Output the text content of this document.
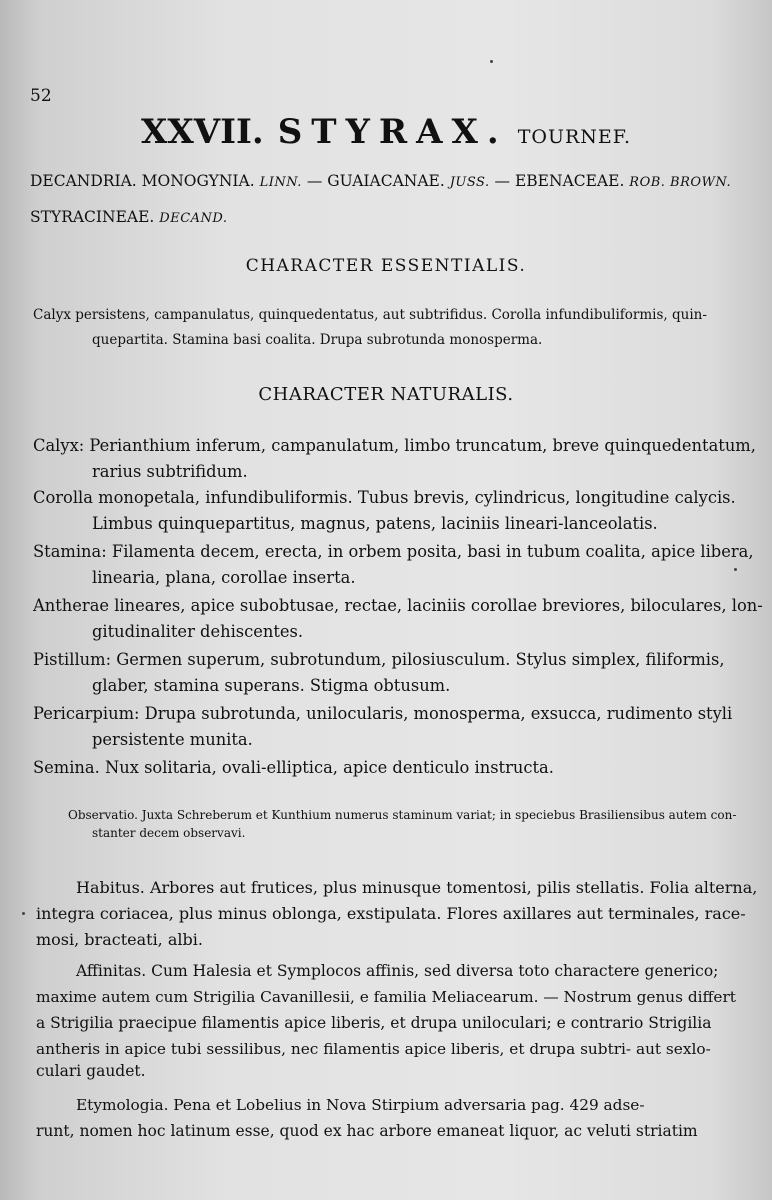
52
XXVII. STYRAX. TOURNEF.
DECANDRIA. MONOGYNIA. LINN. — GUAIACANAE. JUSS. — EBENACEAE. ROB. BROWN.
STYRACINEAE. DECAND.
CHARACTER ESSENTIALIS.
Calyx persistens, campanulatus, quinquedentatus, aut subtrifidus. Corolla infundibuliformis, quin-
quepartita. Stamina basi coalita. Drupa subrotunda monosperma.
CHARACTER NATURALIS.
Calyx: Perianthium inferum, campanulatum, limbo truncatum, breve quinquedentatum,
rarius subtrifidum.
Corolla monopetala, infundibuliformis. Tubus brevis, cylindricus, longitudine calycis.
Limbus quinquepartitus, magnus, patens, laciniis lineari-lanceolatis.
Stamina: Filamenta decem, erecta, in orbem posita, basi in tubum coalita, apice libera,
linearia, plana, corollae inserta.
Antherae lineares, apice subobtusae, rectae, laciniis corollae breviores, biloculares, lon-
gitudinaliter dehiscentes.
Pistillum: Germen superum, subrotundum, pilosiusculum. Stylus simplex, filiformis,
glaber, stamina superans. Stigma obtusum.
Pericarpium: Drupa subrotunda, unilocularis, monosperma, exsucca, rudimento styli
persistente munita.
Semina. Nux solitaria, ovali-elliptica, apice denticulo instructa.
Observatio. Juxta Schreberum et Kunthium numerus staminum variat; in speciebus Brasiliensibus autem con-
stanter decem observavi.
Habitus. Arbores aut frutices, plus minusque tomentosi, pilis stellatis. Folia alterna,
integra coriacea, plus minus oblonga, exstipulata. Flores axillares aut terminales, race-
mosi, bracteati, albi.
Affinitas. Cum Halesia et Symplocos affinis, sed diversa toto charactere generico;
maxime autem cum Strigilia Cavanillesii, e familia Meliacearum. — Nostrum genus differt
a Strigilia praecipue filamentis apice liberis, et drupa uniloculari; e contrario Strigilia
antheris in apice tubi sessilibus, nec filamentis apice liberis, et drupa subtri- aut sexlo-
culari gaudet.
Etymologia. Pena et Lobelius in Nova Stirpium adversaria pag. 429 adse-
runt, nomen hoc latinum esse, quod ex hac arbore emaneat liquor, ac veluti striatim
